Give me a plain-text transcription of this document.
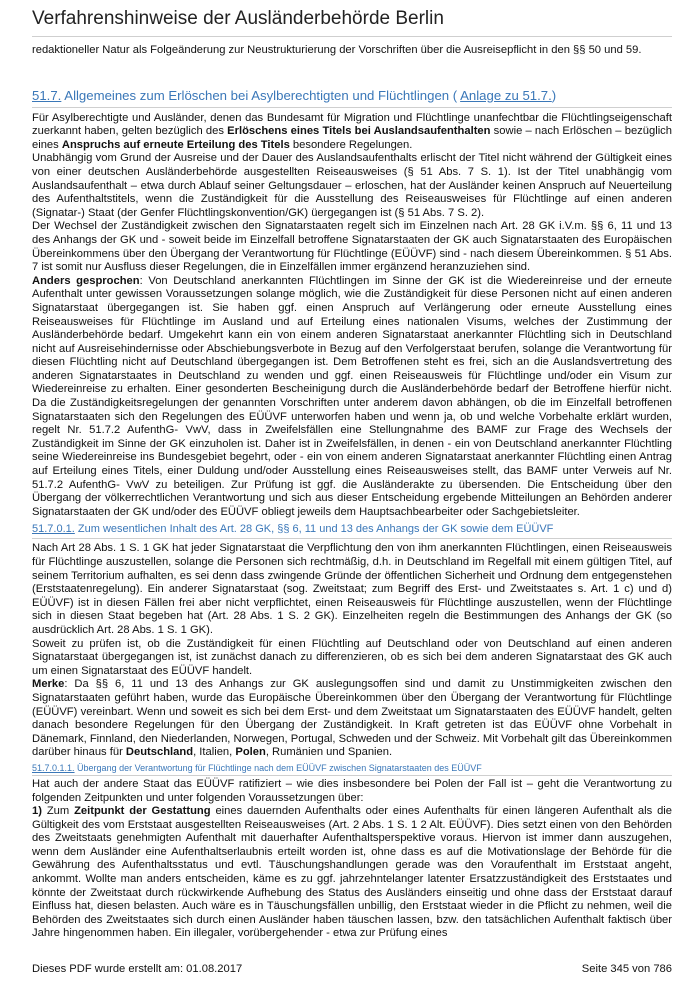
Verfahrenshinweise der Ausländerbehörde Berlin

redaktioneller Natur als Folgeänderung zur Neustrukturierung der Vorschriften über die Ausreisepflicht in den §§ 50 und 59.

51.7. Allgemeines zum Erlöschen bei Asylberechtigten und Flüchtlingen ( Anlage zu 51.7.)

Für Asylberechtigte und Ausländer, denen das Bundesamt für Migration und Flüchtlinge unanfechtbar die Flüchtlingseigenschaft zuerkannt haben, gelten bezüglich des Erlöschens eines Titels bei Auslandsaufenthalten sowie – nach Erlöschen – bezüglich eines Anspruchs auf erneute Erteilung des Titels besondere Regelungen.

Unabhängig vom Grund der Ausreise und der Dauer des Auslandsaufenthalts erlischt der Titel nicht während der Gültigkeit eines von einer deutschen Ausländerbehörde ausgestellten Reiseausweises (§ 51 Abs. 7 S. 1). Ist der Titel unabhängig vom Auslandsaufenthalt – etwa durch Ablauf seiner Geltungsdauer – erloschen, hat der Ausländer keinen Anspruch auf Neuerteilung des Aufenthaltstitels, wenn die Zuständigkeit für die Ausstellung des Reiseausweises für Flüchtlinge auf einen anderen (Signatar-) Staat (der Genfer Flüchtlingskonvention/GK) üergegangen ist (§ 51 Abs. 7 S. 2).

Der Wechsel der Zuständigkeit zwischen den Signatarstaaten regelt sich im Einzelnen nach Art. 28 GK i.V.m. §§ 6, 11 und 13 des Anhangs der GK und - soweit beide im Einzelfall betroffene Signatarstaaten der GK auch Signatarstaaten des Europäischen Übereinkommens über den Übergang der Verantwortung für Flüchtlinge (EÜÜVF) sind - nach diesem Übereinkommen. § 51 Abs. 7 ist somit nur Ausfluss dieser Regelungen, die in Einzelfällen immer ergänzend heranzuziehen sind.

Anders gesprochen: Von Deutschland anerkannten Flüchtlingen im Sinne der GK ist die Wiedereinreise und der erneute Aufenthalt unter gewissen Voraussetzungen solange möglich, wie die Zuständigkeit für diese Personen nicht auf einen anderen Signatarstaat übergegangen ist. Sie haben ggf. einen Anspruch auf Verlängerung oder erneute Ausstellung eines Reiseausweises für Flüchtlinge im Ausland und auf Erteilung eines nationalen Visums, welches der Zustimmung der Ausländerbehörde bedarf. Umgekehrt kann ein von einem anderen Signatarstaat anerkannter Flüchtling sich in Deutschland nicht auf Ausreisehindernisse oder Abschiebungsverbote in Bezug auf den Verfolgerstaat berufen, solange die Verantwortung für diesen Flüchtling nicht auf Deutschland übergegangen ist. Dem Betroffenen steht es frei, sich an die Auslandsvertretung des anderen Signatarstaates in Deutschland zu wenden und ggf. einen Reiseausweis für Flüchtlinge und/oder ein Visum zur Wiedereinreise zu erhalten. Einer gesonderten Bescheinigung durch die Ausländerbehörde bedarf der Betroffene hierfür nicht. Da die Zuständigkeitsregelungen der genannten Vorschriften unter anderem davon abhängen, ob die im Einzelfall betroffenen Signatarstaaten sich den Regelungen des EÜÜVF unterworfen haben und wenn ja, ob und welche Vorbehalte erklärt wurden, regelt Nr. 51.7.2 AufenthG- VwV, dass in Zweifelsfällen eine Stellungnahme des BAMF zur Frage des Wechsels der Zuständigkeit im Sinne der GK einzuholen ist. Daher ist in Zweifelsfällen, in denen - ein von Deutschland anerkannter Flüchtling seine Wiedereinreise ins Bundesgebiet begehrt, oder - ein von einem anderen Signatarstaat anerkannter Flüchtling einen Antrag auf Erteilung eines Titels, einer Duldung und/oder Ausstellung eines Reiseausweises stellt, das BAMF unter Verweis auf Nr. 51.7.2 AufenthG- VwV zu beteiligen. Zur Prüfung ist ggf. die Ausländerakte zu übersenden. Die Entscheidung über den Übergang der völkerrechtlichen Verantwortung und sich aus dieser Entscheidung ergebende Mitteilungen an Behörden anderer Signatarstaaten der GK und/oder des EÜÜVF obliegt jeweils dem Hauptsachbearbeiter oder Sachgebietsleiter.

51.7.0.1. Zum wesentlichen Inhalt des Art. 28 GK, §§ 6, 11 und 13 des Anhangs der GK sowie dem EÜÜVF

Nach Art 28 Abs. 1 S. 1 GK hat jeder Signatarstaat die Verpflichtung den von ihm anerkannten Flüchtlingen, einen Reiseausweis für Flüchtlinge auszustellen, solange die Personen sich rechtmäßig, d.h. in Deutschland im Regelfall mit einem gültigen Titel, auf seinem Territorium aufhalten, es sei denn dass zwingende Gründe der öffentlichen Sicherheit und Ordnung dem entgegenstehen (Erststaatenregelung). Ein anderer Signatarstaat (sog. Zweitstaat; zum Begriff des Erst- und Zweitstaates s. Art. 1 c) und d) EÜÜVF) ist in diesen Fällen frei aber nicht verpflichtet, einen Reiseausweis für Flüchtlinge auszustellen, wenn der Flüchtlinge sich in diesen Staat begeben hat (Art. 28 Abs. 1 S. 2 GK). Einzelheiten regeln die Bestimmungen des Anhangs der GK (so ausdrücklich Art. 28 Abs. 1 S. 1 GK).

Soweit zu prüfen ist, ob die Zuständigkeit für einen Flüchtling auf Deutschland oder von Deutschland auf einen anderen Signatarstaat übergegangen ist, ist zunächst danach zu differenzieren, ob es sich bei dem anderen Signatarstaat des GK auch um einen Signatarstaat des EÜÜVF handelt.

Merke: Da §§ 6, 11 und 13 des Anhangs zur GK auslegungsoffen sind und damit zu Unstimmigkeiten zwischen den Signatarstaaten geführt haben, wurde das Europäische Übereinkommen über den Übergang der Verantwortung für Flüchtlinge (EÜÜVF) vereinbart. Wenn und soweit es sich bei dem Erst- und dem Zweitstaat um Signatarstaaten des EÜÜVF handelt, gelten danach besondere Regelungen für den Übergang der Zuständigkeit. In Kraft getreten ist das EÜÜVF ohne Vorbehalt in Dänemark, Finnland, den Niederlanden, Norwegen, Portugal, Schweden und der Schweiz. Mit Vorbehalt gilt das Übereinkommen darüber hinaus für Deutschland, Italien, Polen, Rumänien und Spanien.

51.7.0.1.1. Übergang der Verantwortung für Flüchtlinge nach dem EÜÜVF zwischen Signatarstaaten des EÜÜVF

Hat auch der andere Staat das EÜÜVF ratifiziert – wie dies insbesondere bei Polen der Fall ist – geht die Verantwortung zu folgenden Zeitpunkten und unter folgenden Voraussetzungen über:

1) Zum Zeitpunkt der Gestattung eines dauernden Aufenthalts oder eines Aufenthalts für einen längeren Aufenthalt als die Gültigkeit des vom Erststaat ausgestellten Reiseausweises (Art. 2 Abs. 1 S. 1 2 Alt. EÜÜVF). Dies setzt einen von den Behörden des Zweitstaats genehmigten Aufenthalt mit dauerhafter Aufenthaltsperspektive voraus. Hiervon ist immer dann auszugehen, wenn dem Ausländer eine Aufenthaltserlaubnis erteilt worden ist, ohne dass es auf die Motivationslage der Behörde für die Gewährung des Aufenthaltsstatus und evtl. Täuschungshandlungen gerade was den Voraufenthalt im Erststaat angeht, ankommt. Wollte man anders entscheiden, käme es zu ggf. jahrzehntelanger latenter Ersatzzuständigkeit des Erststaates und könnte der Zweitstaat durch rückwirkende Aufhebung des Status des Ausländers einseitig und ohne dass der Erststaat darauf Einfluss hat, diesen belasten. Auch wäre es in Täuschungsfällen unbillig, den Erststaat wieder in die Pflicht zu nehmen, weil die Behörden des Zweitstaates sich durch einen Ausländer haben täuschen lassen, bzw. den tatsächlichen Aufenthalt faktisch über Jahre hingenommen haben. Ein illegaler, vorübergehender - etwa zur Prüfung eines

Dieses PDF wurde erstellt am: 01.08.2017	Seite 345 von 786
